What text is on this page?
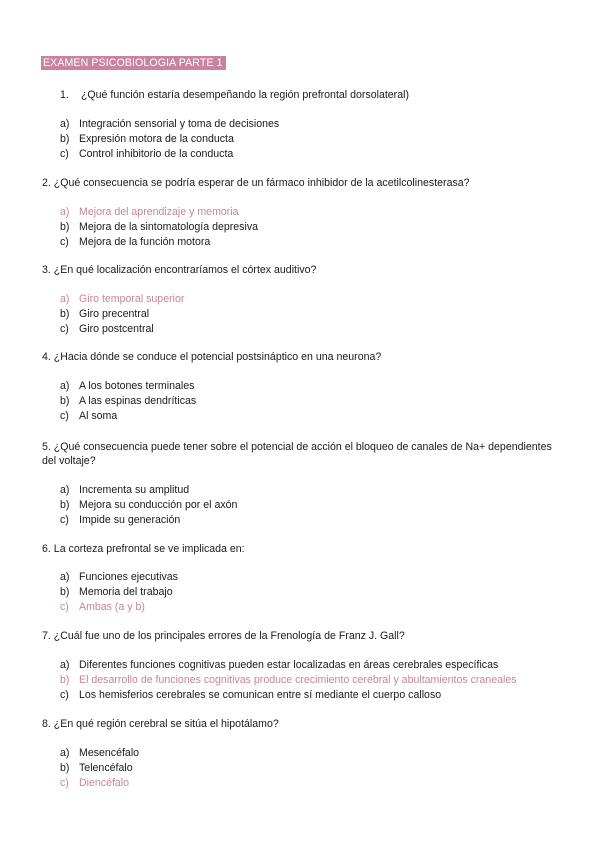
EXAMEN PSICOBIOLOGIA PARTE 1
1. ¿Qué función estaría desempeñando la región prefrontal dorsolateral)
a) Integración sensorial y toma de decisiones
b) Expresión motora de la conducta
c) Control inhibitorio de la conducta
2. ¿Qué consecuencia se podría esperar de un fármaco inhibidor de la acetilcolinesterasa?
a) Mejora del aprendizaje y memoria
b) Mejora de la sintomatología depresiva
c) Mejora de la función motora
3. ¿En qué localización encontraríamos el córtex auditivo?
a) Giro temporal superior
b) Giro precentral
c) Giro postcentral
4. ¿Hacia dónde se conduce el potencial postsináptico en una neurona?
a) A los botones terminales
b) A las espinas dendríticas
c) Al soma
5. ¿Qué consecuencia puede tener sobre el potencial de acción el bloqueo de canales de Na+ dependientes del voltaje?
a) Incrementa su amplitud
b) Mejora su conducción por el axón
c) Impide su generación
6. La corteza prefrontal se ve implicada en:
a) Funciones ejecutivas
b) Memoria del trabajo
c) Ambas (a y b)
7. ¿Cuál fue uno de los principales errores de la Frenología de Franz J. Gall?
a) Diferentes funciones cognitivas pueden estar localizadas en áreas cerebrales específicas
b) El desarrollo de funciones cognitivas produce crecimiento cerebral y abultamientos craneales
c) Los hemisferios cerebrales se comunican entre sí mediante el cuerpo calloso
8. ¿En qué región cerebral se sitúa el hipotálamo?
a) Mesencéfalo
b) Telencéfalo
c) Diencéfalo
